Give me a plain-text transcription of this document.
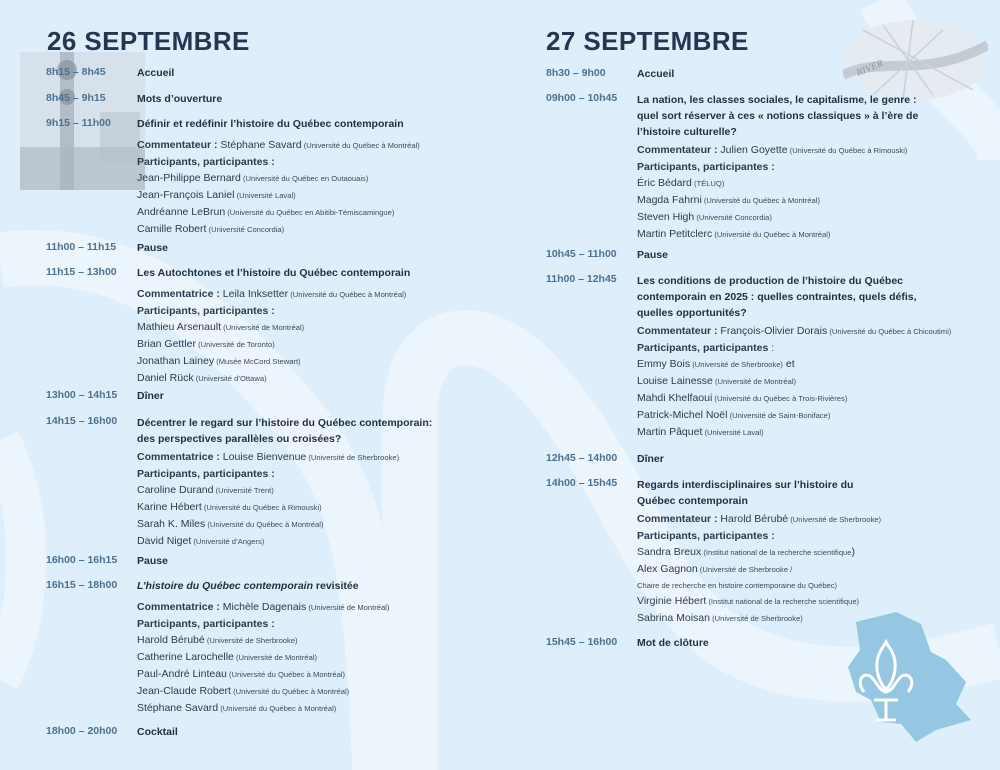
RIVER
26 SEPTEMBRE	27 SEPTEMBRE
8h15 – 8h45	Accueil
8h45 – 9h15	Mots d’ouverture
9h15 – 11h00	Définir et redéfinir l’histoire du Québec contemporain
Commentateur : Stéphane Savard (Université du Québec à Montréal)
Participants, participantes :
Jean-Philippe Bernard (Université du Québec en Outaouais)
Jean-François Laniel (Université Laval)
Andréanne LeBrun (Université du Québec en Abitibi-Témiscamingue)
Camille Robert (Université Concordia)
11h00 – 11h15	Pause
11h15 – 13h00	Les Autochtones et l’histoire du Québec contemporain
Commentatrice : Leila Inksetter (Université du Québec à Montréal)
Participants, participantes :
Mathieu Arsenault (Université de Montréal)
Brian Gettler (Université de Toronto)
Jonathan Lainey (Musée McCord Stewart)
Daniel Rück (Université d’Ottawa)
13h00 – 14h15	Dîner
14h15 – 16h00	Décentrer le regard sur l’histoire du Québec contemporain: des perspectives parallèles ou croisées?
Commentatrice : Louise Bienvenue (Université de Sherbrooke)
Participants, participantes :
Caroline Durand (Université Trent)
Karine Hébert (Université du Québec à Rimouski)
Sarah K. Miles (Université du Québec à Montréal)
David Niget (Université d’Angers)
16h00 – 16h15	Pause
16h15 – 18h00	L’histoire du Québec contemporain revisitée
Commentatrice : Michèle Dagenais (Université de Montréal)
Participants, participantes :
Harold Bérubé (Université de Sherbrooke)
Catherine Larochelle (Université de Montréal)
Paul-André Linteau (Université du Québec à Montréal)
Jean-Claude Robert (Université du Québec à Montréal)
Stéphane Savard (Université du Québec à Montréal)
18h00 – 20h00	Cocktail
8h30 – 9h00	Accueil
09h00 – 10h45	La nation, les classes sociales, le capitalisme, le genre : quel sort réserver à ces « notions classiques » à l’ère de l’histoire culturelle?
Commentateur : Julien Goyette (Université du Québec à Rimouski)
Participants, participantes :
Éric Bédard (TÉLUQ)
Magda Fahrni (Université du Québec à Montréal)
Steven High (Université Concordia)
Martin Petitclerc (Université du Québec à Montréal)
10h45 – 11h00	Pause
11h00 – 12h45	Les conditions de production de l’histoire du Québec contemporain en 2025 : quelles contraintes, quels défis, quelles opportunités?
Commentateur : François-Olivier Dorais (Université du Québec à Chicoutimi)
Participants, participantes :
Emmy Bois (Université de Sherbrooke) et
Louise Lainesse (Université de Montréal)
Mahdi Khelfaoui (Université du Québec à Trois-Rivières)
Patrick-Michel Noël (Université de Saint-Boniface)
Martin Pâquet (Université Laval)
12h45 – 14h00	Dîner
14h00 – 15h45	Regards interdisciplinaires sur l’histoire du Québec contemporain
Commentateur : Harold Bérubé (Université de Sherbrooke)
Participants, participantes :
Sandra Breux (Institut national de la recherche scientifique)
Alex Gagnon (Université de Sherbrooke /
Chaire de recherche en histoire contemporaine du Québec)
Virginie Hébert (Institut national de la recherche scientifique)
Sabrina Moisan (Université de Sherbrooke)
15h45 – 16h00	Mot de clôture
